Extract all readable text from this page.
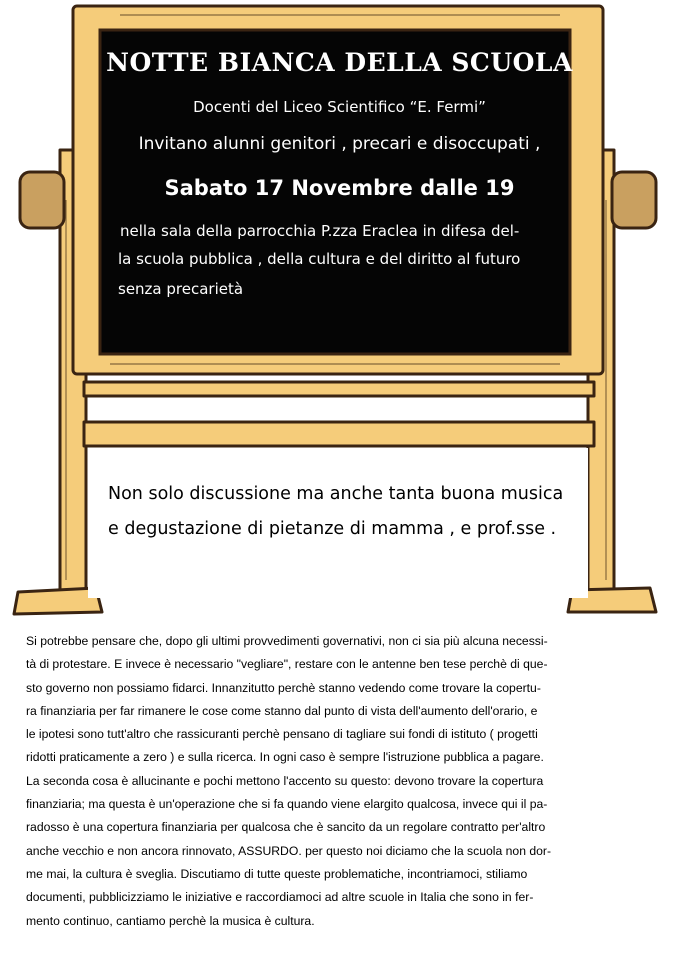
NOTTE BIANCA DELLA SCUOLA
Docenti del Liceo Scientifico “E. Fermi”
Invitano alunni genitori , precari e disoccupati ,
Sabato 17 Novembre dalle 19
nella sala della parrocchia P.zza Eraclea in difesa del-
la scuola pubblica , della cultura e del diritto al futuro
senza precarietà
Non solo discussione ma anche tanta buona musica
e degustazione di pietanze di mamma , e prof.sse .
Si potrebbe pensare che, dopo gli ultimi provvedimenti governativi, non ci sia più alcuna necessi-
tà di protestare. E invece è necessario "vegliare", restare con le antenne ben tese perchè di que-
sto governo non possiamo fidarci. Innanzitutto perchè stanno vedendo come trovare la copertu-
ra finanziaria per far rimanere le cose come stanno dal punto di vista dell'aumento dell'orario, e
le ipotesi sono tutt'altro che rassicuranti perchè pensano di tagliare sui fondi di istituto ( progetti
ridotti praticamente a zero ) e sulla ricerca. In ogni caso è sempre l'istruzione pubblica a pagare.
La seconda cosa è allucinante e pochi mettono l'accento su questo: devono trovare la copertura
finanziaria; ma questa è un'operazione che si fa quando viene elargito qualcosa, invece qui il pa-
radosso è una copertura finanziaria per qualcosa che è sancito da un regolare contratto per'altro
anche vecchio e non ancora rinnovato, ASSURDO. per questo noi diciamo che la scuola non dor-
me mai, la cultura è sveglia. Discutiamo di tutte queste problematiche, incontriamoci, stiliamo
documenti, pubblicizziamo le iniziative e raccordiamoci ad altre scuole in Italia che sono in fer-
mento continuo, cantiamo perchè la musica è cultura.
